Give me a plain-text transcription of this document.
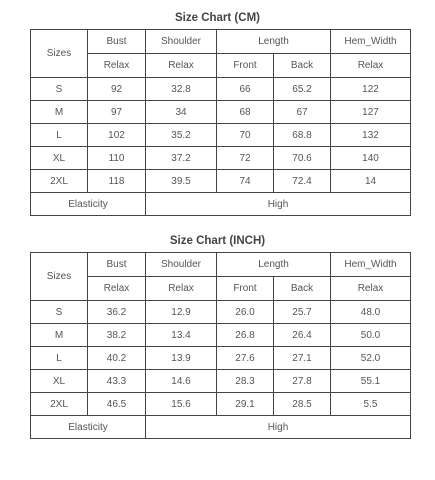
Size Chart (CM)
Sizes	Bust	Shoulder	Length		Hem_Width
	Relax	Relax	Front	Back	Relax
S	92	32.8	66	65.2	122
M	97	34	68	67	127
L	102	35.2	70	68.8	132
XL	110	37.2	72	70.6	140
2XL	118	39.5	74	72.4	14
Elasticity		High			
Size Chart (INCH)
Sizes	Bust	Shoulder	Length		Hem_Width
	Relax	Relax	Front	Back	Relax
S	36.2	12.9	26.0	25.7	48.0
M	38.2	13.4	26.8	26.4	50.0
L	40.2	13.9	27.6	27.1	52.0
XL	43.3	14.6	28.3	27.8	55.1
2XL	46.5	15.6	29.1	28.5	5.5
Elasticity		High			
